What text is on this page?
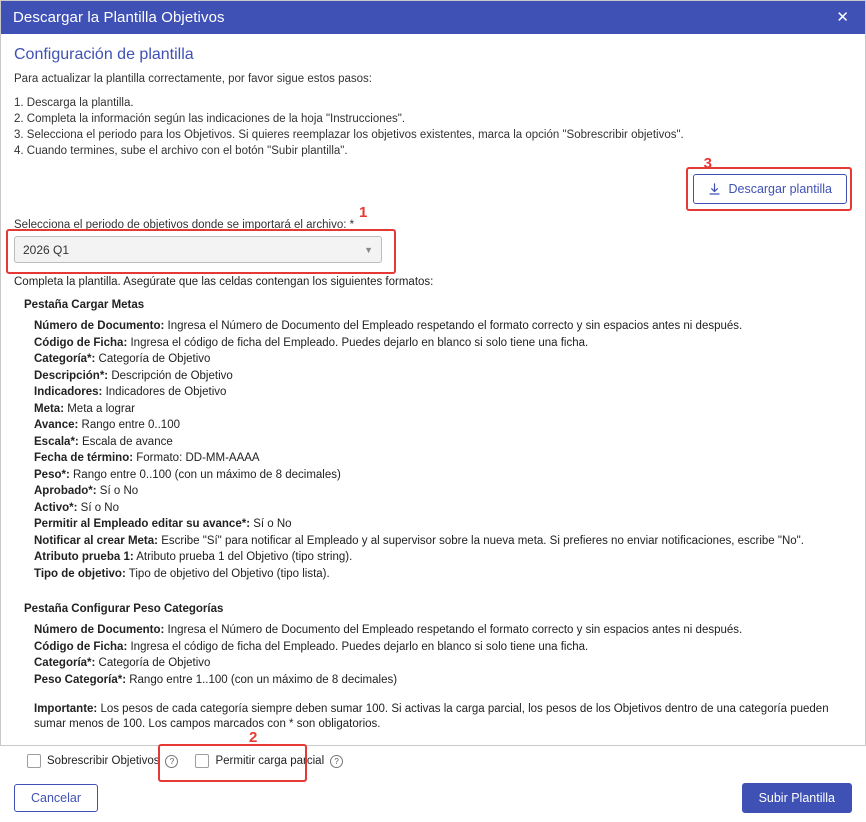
Descargar la Plantilla Objetivos	✕
Configuración de plantilla
Para actualizar la plantilla correctamente, por favor sigue estos pasos:
1. Descarga la plantilla.
2. Completa la información según las indicaciones de la hoja "Instrucciones".
3. Selecciona el periodo para los Objetivos. Si quieres reemplazar los objetivos existentes, marca la opción "Sobrescribir objetivos".
4. Cuando termines, sube el archivo con el botón "Subir plantilla".
3
Descargar plantilla
Selecciona el periodo de objetivos donde se importará el archivo: *
1
2026 Q1	▼
Completa la plantilla. Asegúrate que las celdas contengan los siguientes formatos:
Pestaña Cargar Metas
Número de Documento: Ingresa el Número de Documento del Empleado respetando el formato correcto y sin espacios antes ni después.
Código de Ficha: Ingresa el código de ficha del Empleado. Puedes dejarlo en blanco si solo tiene una ficha.
Categoría*: Categoría de Objetivo
Descripción*: Descripción de Objetivo
Indicadores: Indicadores de Objetivo
Meta: Meta a lograr
Avance: Rango entre 0..100
Escala*: Escala de avance
Fecha de término: Formato: DD-MM-AAAA
Peso*: Rango entre 0..100 (con un máximo de 8 decimales)
Aprobado*: Sí o No
Activo*: Sí o No
Permitir al Empleado editar su avance*: Sí o No
Notificar al crear Meta: Escribe "Sí" para notificar al Empleado y al supervisor sobre la nueva meta. Si prefieres no enviar notificaciones, escribe "No".
Atributo prueba 1: Atributo prueba 1 del Objetivo (tipo string).
Tipo de objetivo: Tipo de objetivo del Objetivo (tipo lista).
Pestaña Configurar Peso Categorías
Número de Documento: Ingresa el Número de Documento del Empleado respetando el formato correcto y sin espacios antes ni después.
Código de Ficha: Ingresa el código de ficha del Empleado. Puedes dejarlo en blanco si solo tiene una ficha.
Categoría*: Categoría de Objetivo
Peso Categoría*: Rango entre 1..100 (con un máximo de 8 decimales)
Importante: Los pesos de cada categoría siempre deben sumar 100. Si activas la carga parcial, los pesos de los Objetivos dentro de una categoría pueden sumar menos de 100. Los campos marcados con * son obligatorios.
Sobrescribir Objetivos	?	Permitir carga parcial	?
2
Cancelar	Subir Plantilla
